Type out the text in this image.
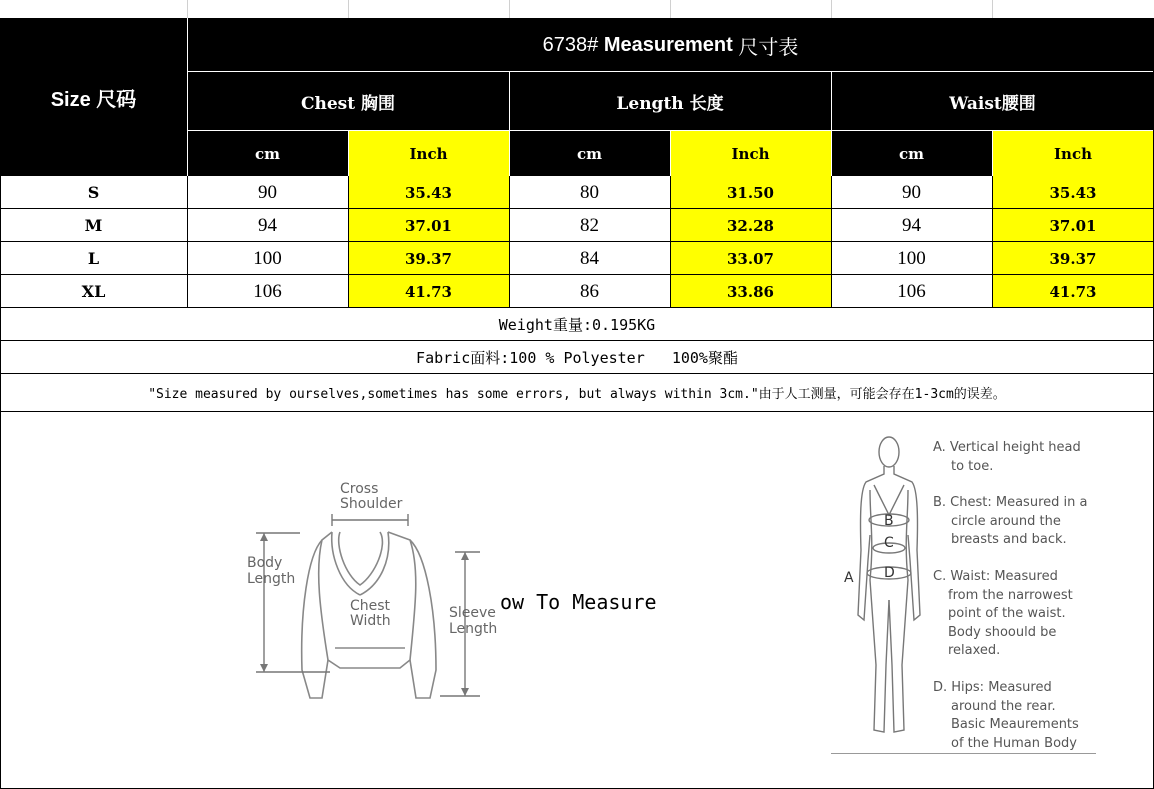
Size 尺码
6738#
Measurement
尺寸表
Chest 胸围	Length 长度	Waist腰围
cm	Inch	cm	Inch	cm	Inch
S	90	35.43	80	31.50	90	35.43
M	94	37.01	82	32.28	94	37.01
L	100	39.37	84	33.07	100	39.37
XL	106	41.73	86	33.86	106	41.73
Weight重量:0.195KG
Fabric面料:100 % Polyester   100%聚酯
"Size measured by ourselves,sometimes has some errors, but always within 3cm."由于人工测量，可能会存在1-3cm的误差。
Cross
Shoulder
Body
Length
Chest
Width	Sleeve
Length
ow To Measure
B
C
D
A
A. Vertical height head
to toe.
B. Chest: Measured in a
circle around the
breasts and back.
C. Waist: Measured
from the narrowest
point of the waist.
Body shoould be
relaxed.
D. Hips: Measured
around the rear.
Basic Meaurements
of the Human Body
